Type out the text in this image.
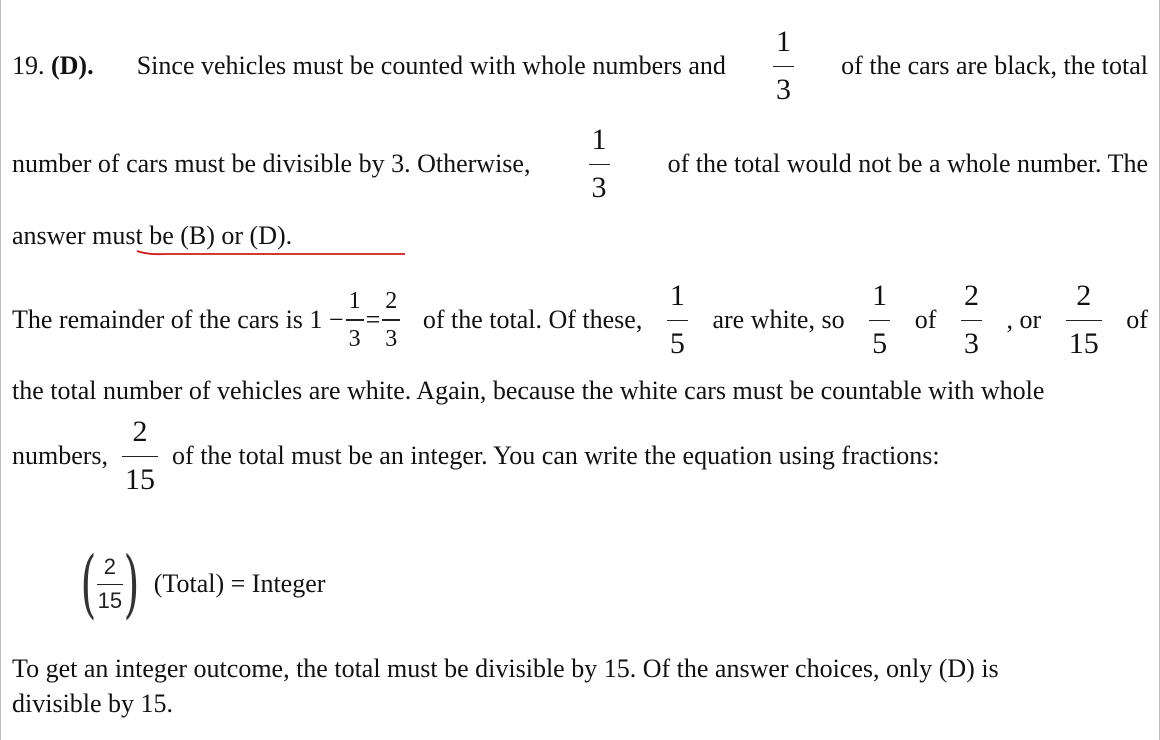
19. (D). Since vehicles must be counted with whole numbers and $\frac{1}{3}$ of the cars are black, the total
number of cars must be divisible by 3. Otherwise, $\frac{1}{3}$ of the total would not be a whole number. The
answer must be (B) or (D).
The remainder of the cars is $1 - \frac{1}{3} = \frac{2}{3}$ of the total. Of these, $\frac{1}{5}$ are white, so $\frac{1}{5}$ of $\frac{2}{3}$ , or $\frac{2}{15}$ of
the total number of vehicles are white. Again, because the white cars must be countable with whole
numbers, $\frac{2}{15}$ of the total must be an integer. You can write the equation using fractions:
( $\frac{2}{15}$ ) (Total) = Integer
To get an integer outcome, the total must be divisible by 15. Of the answer choices, only (D) is
divisible by 15.
